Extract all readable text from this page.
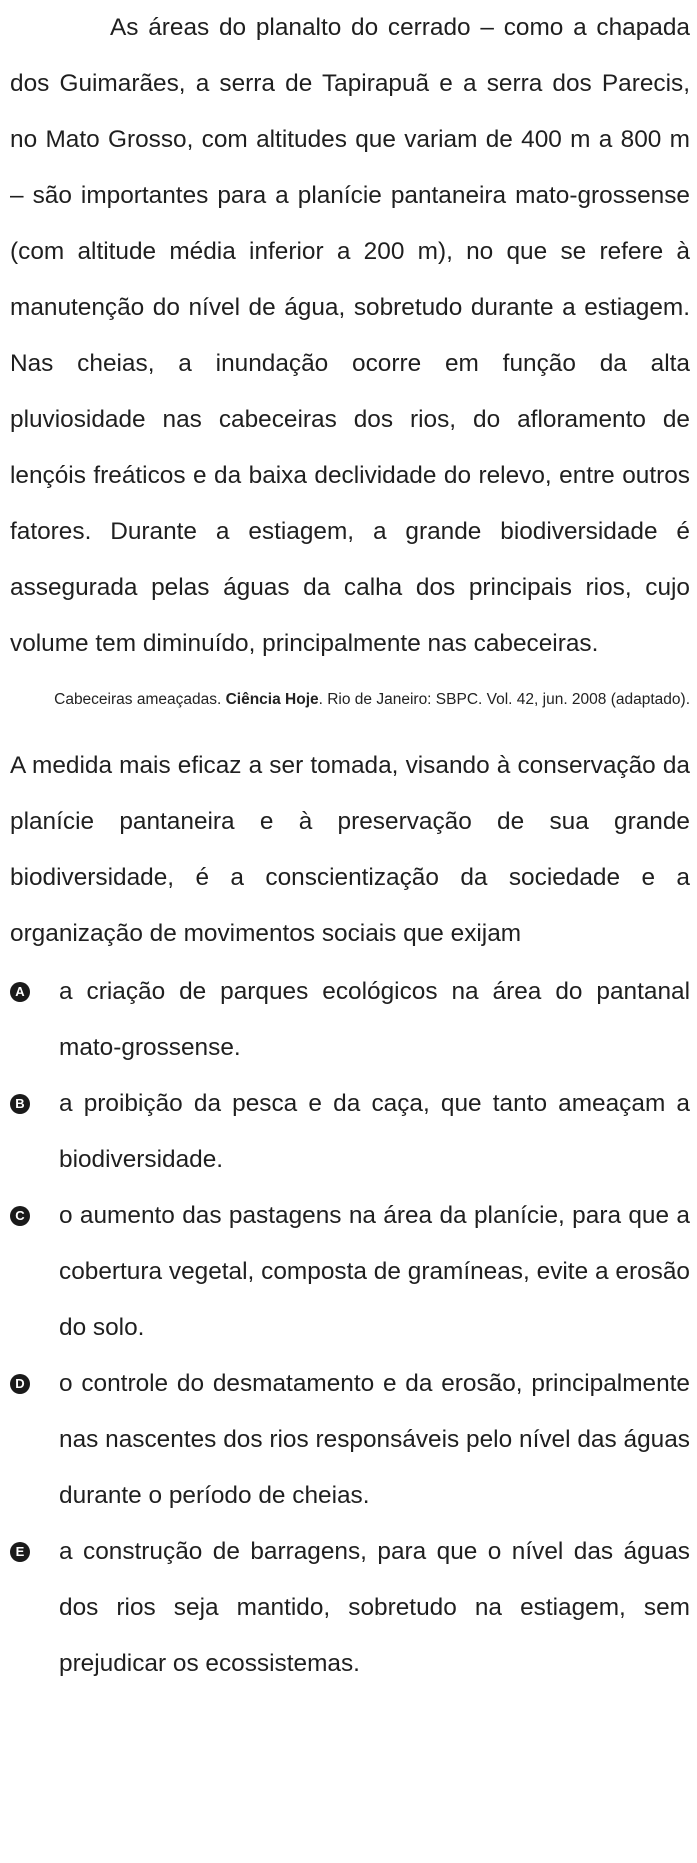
As áreas do planalto do cerrado – como a chapada dos Guimarães, a serra de Tapirapuã e a serra dos Parecis, no Mato Grosso, com altitudes que variam de 400 m a 800 m – são importantes para a planície pantaneira mato-grossense (com altitude média inferior a 200 m), no que se refere à manutenção do nível de água, sobretudo durante a estiagem. Nas cheias, a inundação ocorre em função da alta pluviosidade nas cabeceiras dos rios, do afloramento de lençóis freáticos e da baixa declividade do relevo, entre outros fatores. Durante a estiagem, a grande biodiversidade é assegurada pelas águas da calha dos principais rios, cujo volume tem diminuído, principalmente nas cabeceiras.

Cabeceiras ameaçadas. Ciência Hoje. Rio de Janeiro: SBPC. Vol. 42, jun. 2008 (adaptado).

A medida mais eficaz a ser tomada, visando à conservação da planície pantaneira e à preservação de sua grande biodiversidade, é a conscientização da sociedade e a organização de movimentos sociais que exijam

A a criação de parques ecológicos na área do pantanal mato-grossense.
B a proibição da pesca e da caça, que tanto ameaçam a biodiversidade.
C o aumento das pastagens na área da planície, para que a cobertura vegetal, composta de gramíneas, evite a erosão do solo.
D o controle do desmatamento e da erosão, principalmente nas nascentes dos rios responsáveis pelo nível das águas durante o período de cheias.
E a construção de barragens, para que o nível das águas dos rios seja mantido, sobretudo na estiagem, sem prejudicar os ecossistemas.
